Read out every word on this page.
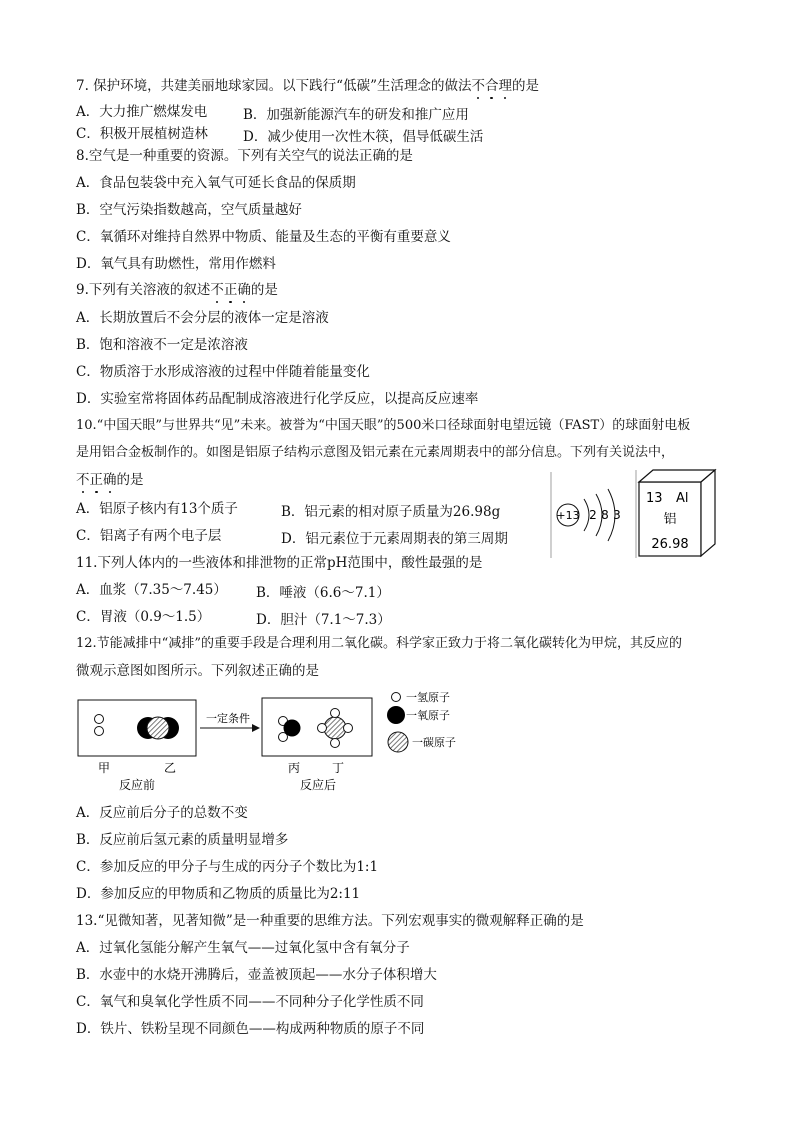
7. 保护环境，共建美丽地球家园。以下践行“低碳”生活理念的做法不合理的是
A．大力推广燃煤发电	B．加强新能源汽车的研发和推广应用
C．积极开展植树造林	D．减少使用一次性木筷，倡导低碳生活
8.空气是一种重要的资源。下列有关空气的说法正确的是
A．食品包装袋中充入氧气可延长食品的保质期
B．空气污染指数越高，空气质量越好
C．氧循环对维持自然界中物质、能量及生态的平衡有重要意义
D．氧气具有助燃性，常用作燃料
9.下列有关溶液的叙述不正确的是
A．长期放置后不会分层的液体一定是溶液
B．饱和溶液不一定是浓溶液
C．物质溶于水形成溶液的过程中伴随着能量变化
D．实验室常将固体药品配制成溶液进行化学反应，以提高反应速率
10.“中国天眼”与世界共“见”未来。被誉为“中国天眼”的500米口径球面射电望远镜（FAST）的球面射电板
是用铝合金板制作的。如图是铝原子结构示意图及铝元素在元素周期表中的部分信息。下列有关说法中，
不正确的是
A．铝原子核内有13个质子	B．铝元素的相对原子质量为26.98g
C．铝离子有两个电子层	D．铝元素位于元素周期表的第三周期
+13 2 8 3
13 Al
铝
26.98
11.下列人体内的一些液体和排泄物的正常pH范围中，酸性最强的是
A．血浆（7.35～7.45） B．唾液（6.6～7.1）
C．胃液（0.9～1.5）	D．胆汁（7.1～7.3）
12.节能减排中“减排”的重要手段是合理利用二氧化碳。科学家正致力于将二氧化碳转化为甲烷，其反应的
微观示意图如图所示。下列叙述正确的是
一定条件
一氢原子
一氧原子
一碳原子
甲	乙
反应前
丙	丁
反应后
A．反应前后分子的总数不变
B．反应前后氢元素的质量明显增多
C．参加反应的甲分子与生成的丙分子个数比为1:1
D．参加反应的甲物质和乙物质的质量比为2:11
13.“见微知著，见著知微”是一种重要的思维方法。下列宏观事实的微观解释正确的是
A．过氧化氢能分解产生氧气——过氧化氢中含有氧分子
B．水壶中的水烧开沸腾后，壶盖被顶起——水分子体积增大
C．氧气和臭氧化学性质不同——不同种分子化学性质不同
D．铁片、铁粉呈现不同颜色——构成两种物质的原子不同
